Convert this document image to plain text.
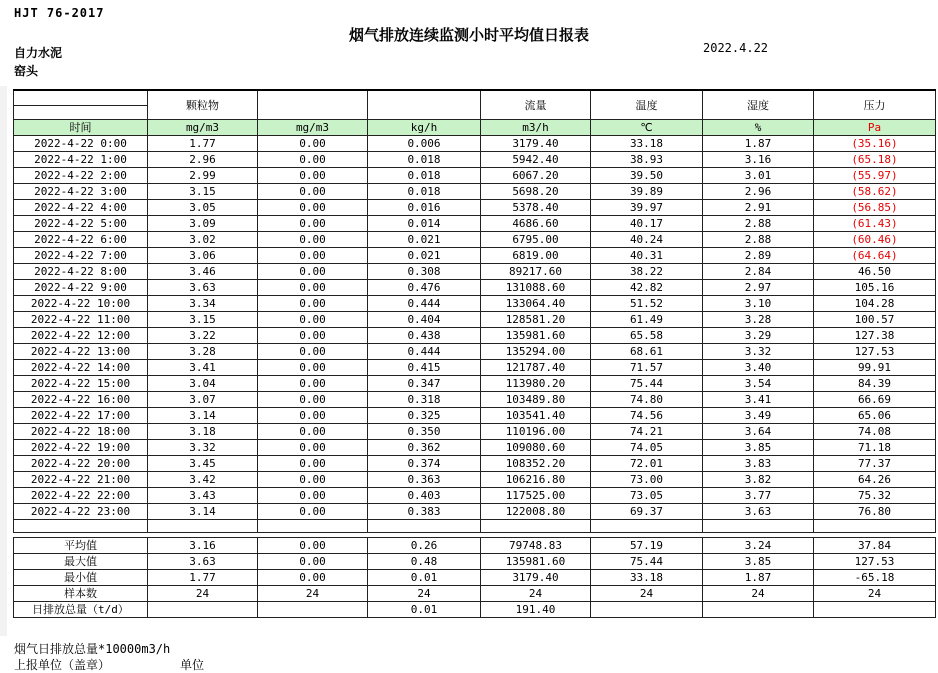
HJT 76-2017
烟气排放连续监测小时平均值日报表
自力水泥
窑头
2022.4.22
	颗粒物			流量	温度	湿度	压力

时间	mg/m3	mg/m3	kg/h	m3/h	℃	%	Pa
2022-4-22 0:00	1.77	0.00	0.006	3179.40	33.18	1.87	(35.16)
2022-4-22 1:00	2.96	0.00	0.018	5942.40	38.93	3.16	(65.18)
2022-4-22 2:00	2.99	0.00	0.018	6067.20	39.50	3.01	(55.97)
2022-4-22 3:00	3.15	0.00	0.018	5698.20	39.89	2.96	(58.62)
2022-4-22 4:00	3.05	0.00	0.016	5378.40	39.97	2.91	(56.85)
2022-4-22 5:00	3.09	0.00	0.014	4686.60	40.17	2.88	(61.43)
2022-4-22 6:00	3.02	0.00	0.021	6795.00	40.24	2.88	(60.46)
2022-4-22 7:00	3.06	0.00	0.021	6819.00	40.31	2.89	(64.64)
2022-4-22 8:00	3.46	0.00	0.308	89217.60	38.22	2.84	46.50
2022-4-22 9:00	3.63	0.00	0.476	131088.60	42.82	2.97	105.16
2022-4-22 10:00	3.34	0.00	0.444	133064.40	51.52	3.10	104.28
2022-4-22 11:00	3.15	0.00	0.404	128581.20	61.49	3.28	100.57
2022-4-22 12:00	3.22	0.00	0.438	135981.60	65.58	3.29	127.38
2022-4-22 13:00	3.28	0.00	0.444	135294.00	68.61	3.32	127.53
2022-4-22 14:00	3.41	0.00	0.415	121787.40	71.57	3.40	99.91
2022-4-22 15:00	3.04	0.00	0.347	113980.20	75.44	3.54	84.39
2022-4-22 16:00	3.07	0.00	0.318	103489.80	74.80	3.41	66.69
2022-4-22 17:00	3.14	0.00	0.325	103541.40	74.56	3.49	65.06
2022-4-22 18:00	3.18	0.00	0.350	110196.00	74.21	3.64	74.08
2022-4-22 19:00	3.32	0.00	0.362	109080.60	74.05	3.85	71.18
2022-4-22 20:00	3.45	0.00	0.374	108352.20	72.01	3.83	77.37
2022-4-22 21:00	3.42	0.00	0.363	106216.80	73.00	3.82	64.26
2022-4-22 22:00	3.43	0.00	0.403	117525.00	73.05	3.77	75.32
2022-4-22 23:00	3.14	0.00	0.383	122008.80	69.37	3.63	76.80

平均值	3.16	0.00	0.26	79748.83	57.19	3.24	37.84
最大值	3.63	0.00	0.48	135981.60	75.44	3.85	127.53
最小值	1.77	0.00	0.01	3179.40	33.18	1.87	-65.18
样本数	24	24	24	24	24	24	24
日排放总量（t/d）			0.01	191.40			
烟气日排放总量*10000m3/h
上报单位（盖章）	单位
